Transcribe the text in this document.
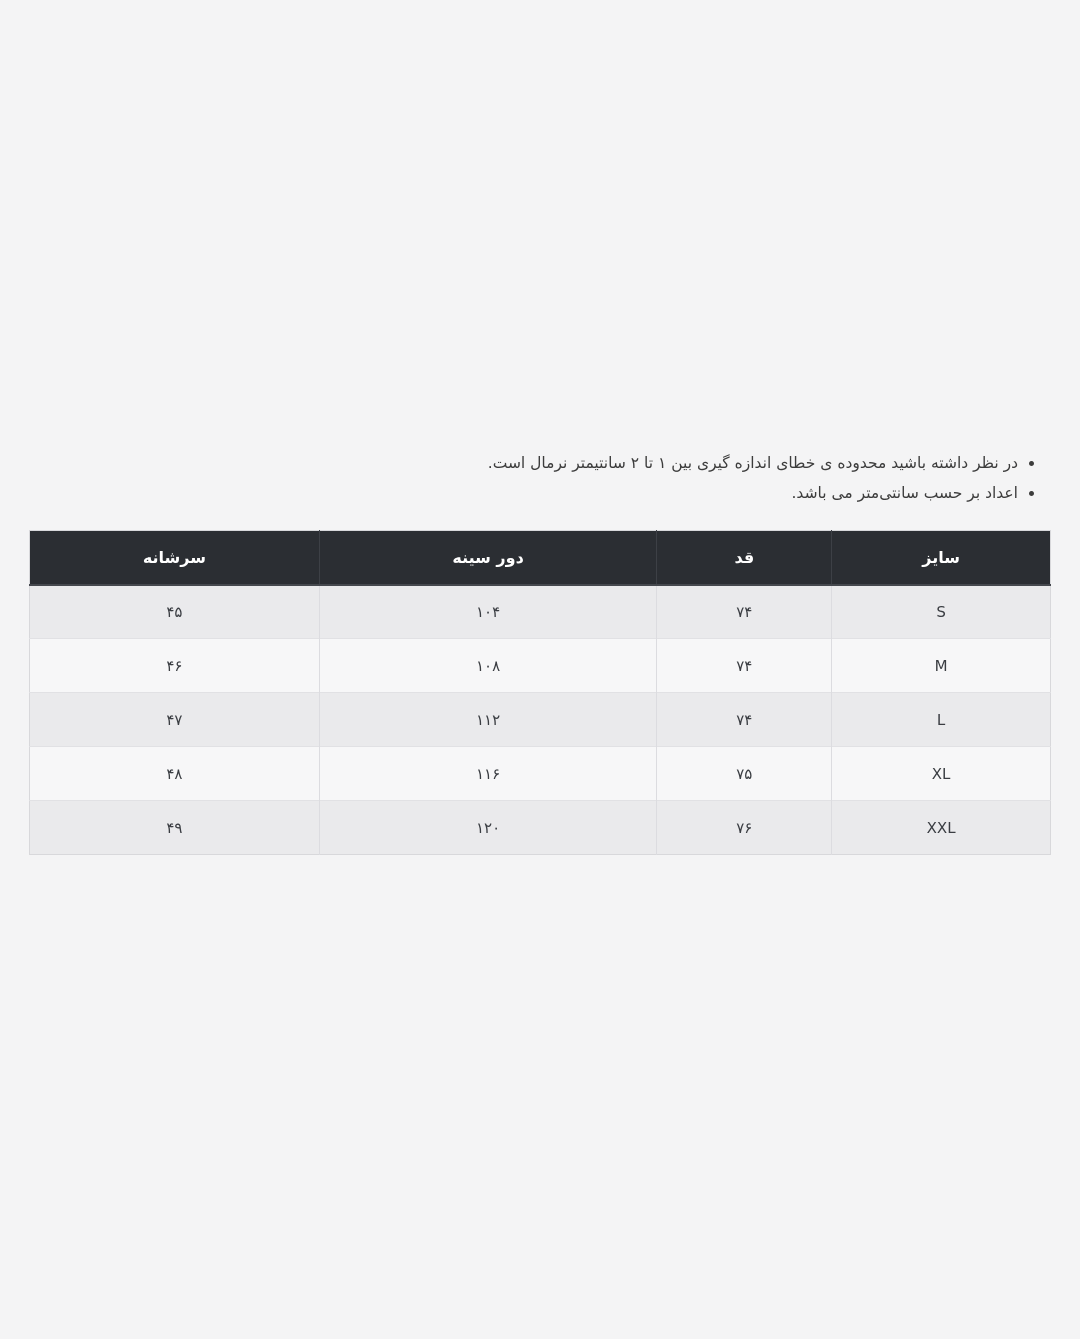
• در نظر داشته باشید محدوده ی خطای اندازه گیری بین ۱ تا ۲ سانتیمتر نرمال است.
• اعداد بر حسب سانتی‌متر می باشد.
سایز	قد	دور سینه	سرشانه
S	۷۴	۱۰۴	۴۵
M	۷۴	۱۰۸	۴۶
L	۷۴	۱۱۲	۴۷
XL	۷۵	۱۱۶	۴۸
XXL	۷۶	۱۲۰	۴۹
